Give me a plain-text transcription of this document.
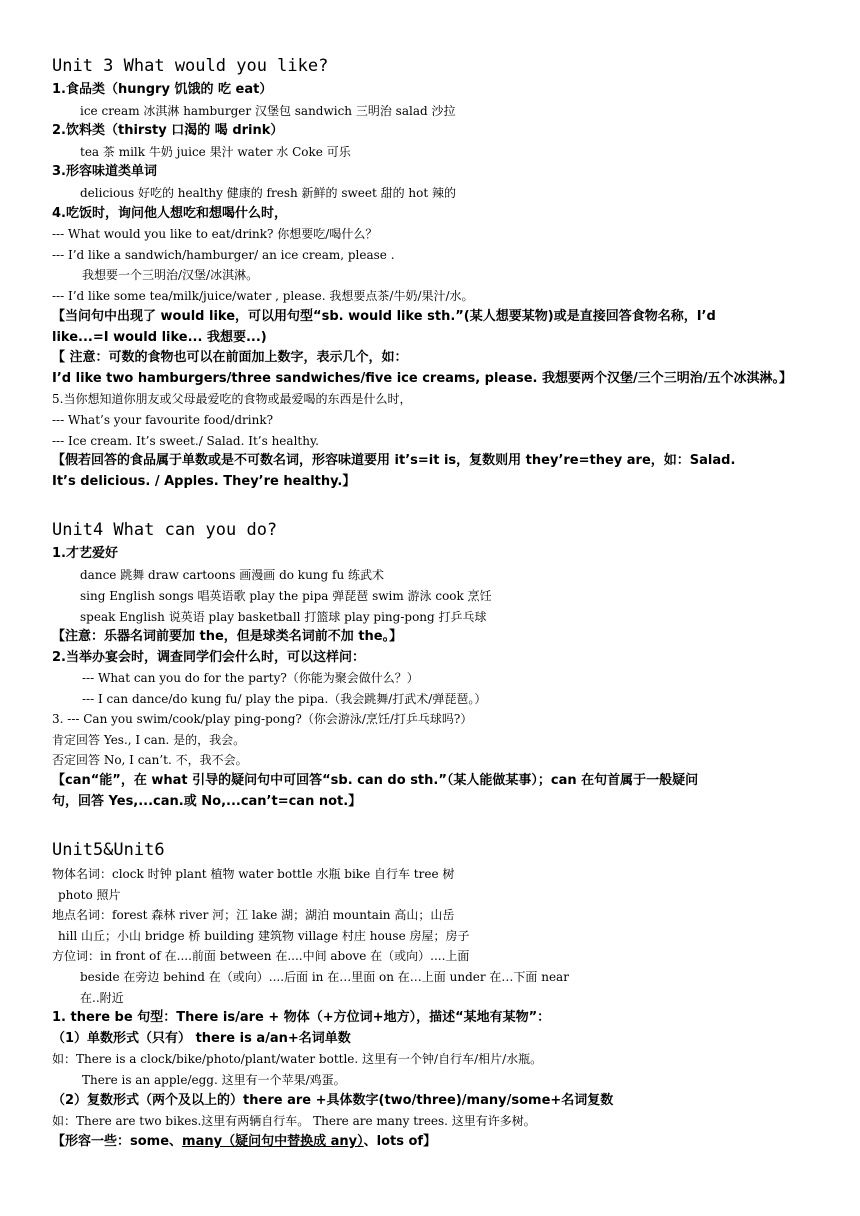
Unit 3 What would you like?
1.食品类（hungry 饥饿的 吃 eat）
ice cream 冰淇淋 hamburger 汉堡包 sandwich 三明治 salad 沙拉
2.饮料类（thirsty 口渴的 喝 drink）
tea 茶 milk 牛奶 juice 果汁 water 水 Coke 可乐
3.形容味道类单词
delicious 好吃的 healthy 健康的 fresh 新鲜的 sweet 甜的 hot 辣的
4.吃饭时，询问他人想吃和想喝什么时，
--- What would you like to eat/drink? 你想要吃/喝什么？
--- I’d like a sandwich/hamburger/ an ice cream, please .
我想要一个三明治/汉堡/冰淇淋。
--- I’d like some tea/milk/juice/water , please. 我想要点茶/牛奶/果汁/水。
【当问句中出现了 would like，可以用句型“sb. would like sth.”(某人想要某物)或是直接回答食物名称，I’d
like...=I would like... 我想要...)
【 注意：可数的食物也可以在前面加上数字，表示几个，如：
I’d like two hamburgers/three sandwiches/five ice creams, please. 我想要两个汉堡/三个三明治/五个冰淇淋。】
5.当你想知道你朋友或父母最爱吃的食物或最爱喝的东西是什么时，
--- What’s your favourite food/drink?
--- Ice cream. It’s sweet./ Salad. It’s healthy.
【假若回答的食品属于单数或是不可数名词，形容味道要用 it’s=it is，复数则用 they’re=they are，如：Salad.
It’s delicious. / Apples. They’re healthy.】
Unit4 What can you do?
1.才艺爱好
dance 跳舞 draw cartoons 画漫画 do kung fu 练武术
sing English songs 唱英语歌 play the pipa 弹琵琶 swim 游泳 cook 烹饪
speak English 说英语 play basketball 打篮球 play ping-pong 打乒乓球
【注意：乐器名词前要加 the，但是球类名词前不加 the。】
2.当举办宴会时，调查同学们会什么时，可以这样问：
--- What can you do for the party?（你能为聚会做什么？）
--- I can dance/do kung fu/ play the pipa.（我会跳舞/打武术/弹琵琶。）
3. --- Can you swim/cook/play ping-pong?（你会游泳/烹饪/打乒乓球吗?）
肯定回答 Yes., I can. 是的，我会。
否定回答 No, I can’t. 不，我不会。
【can“能”，在 what 引导的疑问句中可回答“sb. can do sth.”（某人能做某事）；can 在句首属于一般疑问
句，回答 Yes,...can.或 No,...can’t=can not.】
Unit5&Unit6
物体名词：clock 时钟 plant 植物 water bottle 水瓶 bike 自行车 tree 树
photo 照片
地点名词：forest 森林 river 河；江 lake 湖；湖泊 mountain 高山；山岳
hill 山丘；小山 bridge 桥 building 建筑物 village 村庄 house 房屋；房子
方位词：in front of 在....前面 between 在....中间 above 在（或向）....上面
beside 在旁边 behind 在（或向）....后面 in 在…里面 on 在…上面 under 在…下面 near
在..附近
1. there be 句型：There is/are + 物体（+方位词+地方），描述“某地有某物”：
（1）单数形式（只有） there is a/an+名词单数
如：There is a clock/bike/photo/plant/water bottle. 这里有一个钟/自行车/相片/水瓶。
There is an apple/egg. 这里有一个苹果/鸡蛋。
（2）复数形式（两个及以上的）there are +具体数字(two/three)/many/some+名词复数
如：There are two bikes.这里有两辆自行车。 There are many trees. 这里有许多树。
【形容一些：some、many（疑问句中替换成 any）、lots of】
